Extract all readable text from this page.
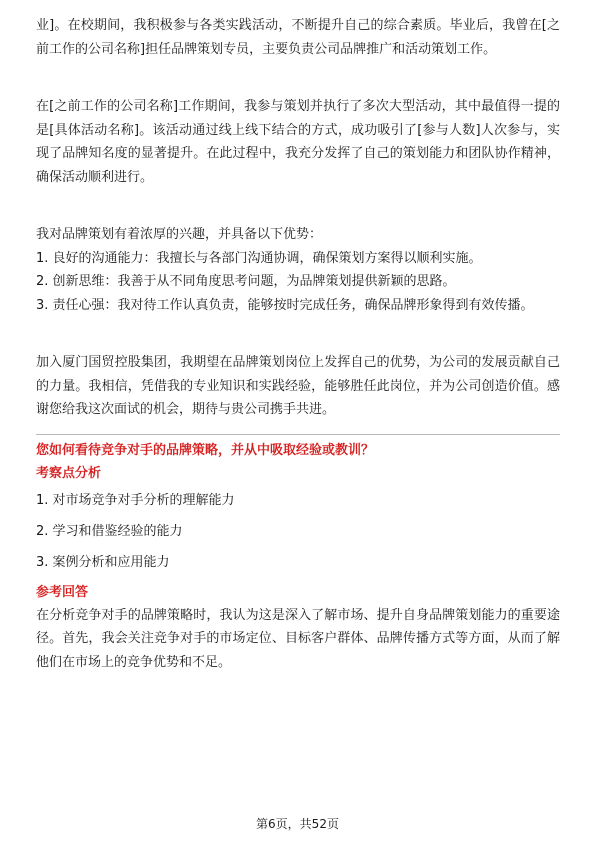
业]。在校期间，我积极参与各类实践活动，不断提升自己的综合素质。毕业后，我曾在[之前工作的公司名称]担任品牌策划专员，主要负责公司品牌推广和活动策划工作。

在[之前工作的公司名称]工作期间，我参与策划并执行了多次大型活动，其中最值得一提的是[具体活动名称]。该活动通过线上线下结合的方式，成功吸引了[参与人数]人次参与，实现了品牌知名度的显著提升。在此过程中，我充分发挥了自己的策划能力和团队协作精神，确保活动顺利进行。

我对品牌策划有着浓厚的兴趣，并具备以下优势：

1. 良好的沟通能力：我擅长与各部门沟通协调，确保策划方案得以顺利实施。

2. 创新思维：我善于从不同角度思考问题，为品牌策划提供新颖的思路。

3. 责任心强：我对待工作认真负责，能够按时完成任务，确保品牌形象得到有效传播。

加入厦门国贸控股集团，我期望在品牌策划岗位上发挥自己的优势，为公司的发展贡献自己的力量。我相信，凭借我的专业知识和实践经验，能够胜任此岗位，并为公司创造价值。感谢您给我这次面试的机会，期待与贵公司携手共进。

您如何看待竞争对手的品牌策略，并从中吸取经验或教训？

考察点分析

1. 对市场竞争对手分析的理解能力

2. 学习和借鉴经验的能力

3. 案例分析和应用能力

参考回答

在分析竞争对手的品牌策略时，我认为这是深入了解市场、提升自身品牌策划能力的重要途径。首先，我会关注竞争对手的市场定位、目标客户群体、品牌传播方式等方面，从而了解他们在市场上的竞争优势和不足。

第6页，共52页
